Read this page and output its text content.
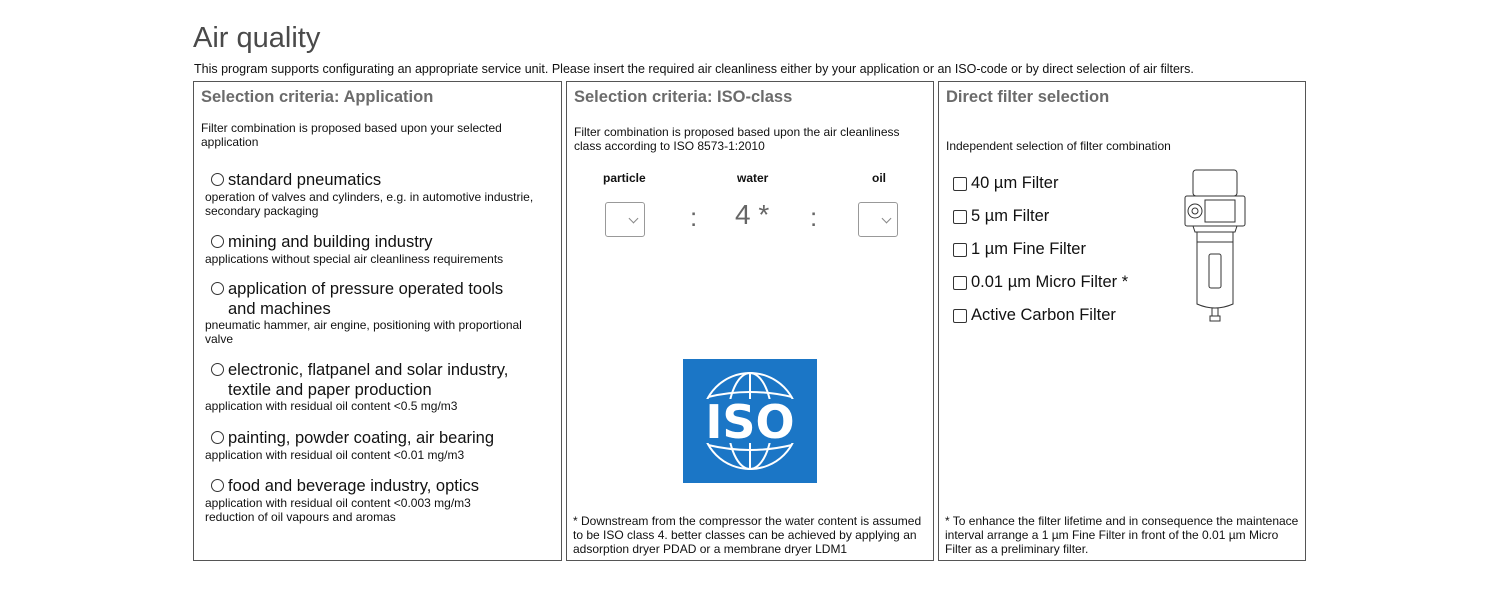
Air quality
This program supports configurating an appropriate service unit. Please insert the required air cleanliness either by your application or an ISO-code or by direct selection of air filters.
Selection criteria: Application
Filter combination is proposed based upon your selected application
standard pneumatics
operation of valves and cylinders, e.g. in automotive industrie, secondary packaging
mining and building industry
applications without special air cleanliness requirements
application of pressure operated tools and machines
pneumatic hammer, air engine, positioning with proportional valve
electronic, flatpanel and solar industry, textile and paper production
application with residual oil content <0.5 mg/m3
painting, powder coating, air bearing
application with residual oil content <0.01 mg/m3
food and beverage industry, optics
application with residual oil content <0.003 mg/m3
reduction of oil vapours and aromas
Selection criteria: ISO-class
Filter combination is proposed based upon the air cleanliness class according to ISO 8573-1:2010
particle	water	oil
: 4 * :
ISO
* Downstream from the compressor the water content is assumed to be ISO class 4. better classes can be achieved by applying an adsorption dryer PDAD or a membrane dryer LDM1
Direct filter selection
Independent selection of filter combination
40 µm Filter
5 µm Filter
1 µm Fine Filter
0.01 µm Micro Filter *
Active Carbon Filter
* To enhance the filter lifetime and in consequence the maintenace interval arrange a 1 µm Fine Filter in front of the 0.01 µm Micro Filter as a preliminary filter.
